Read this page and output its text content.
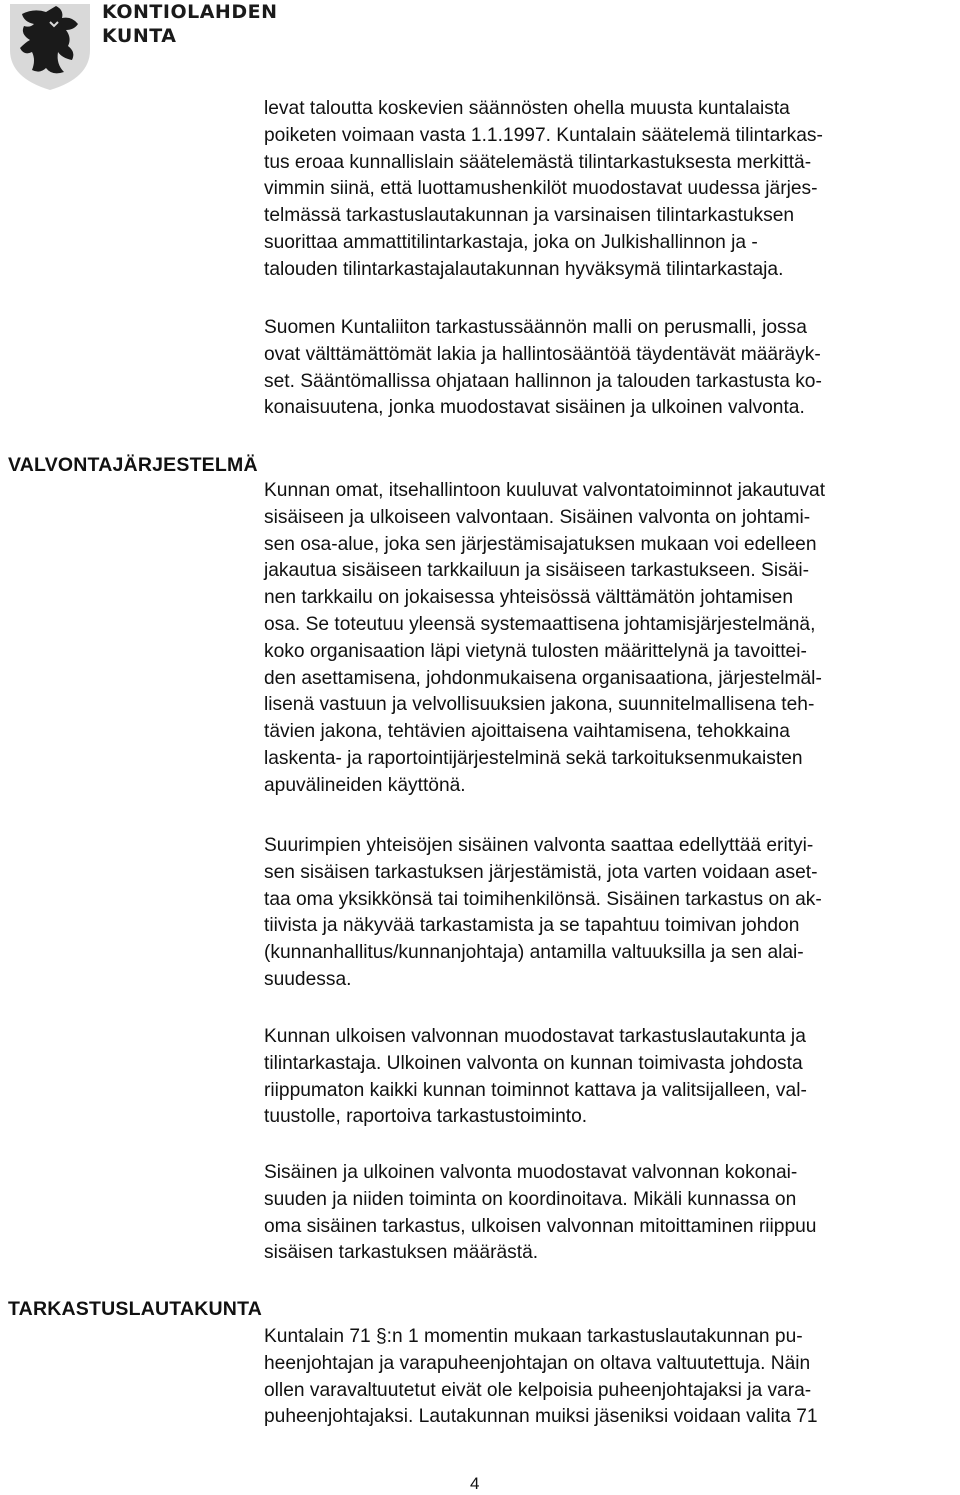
KONTIOLAHDEN
KUNTA

levat taloutta koskevien säännösten ohella muusta kuntalaista
poiketen voimaan vasta 1.1.1997. Kuntalain säätelemä tilintarkas-
tus eroaa kunnallislain säätelemästä tilintarkastuksesta merkittä-
vimmin siinä, että luottamushenkilöt muodostavat uudessa järjes-
telmässä tarkastuslautakunnan ja varsinaisen tilintarkastuksen
suorittaa ammattitilintarkastaja, joka on Julkishallinnon ja -
talouden tilintarkastajalautakunnan hyväksymä tilintarkastaja.

Suomen Kuntaliiton tarkastussäännön malli on perusmalli, jossa
ovat välttämättömät lakia ja hallintosääntöä täydentävät määräyk-
set. Sääntömallissa ohjataan hallinnon ja talouden tarkastusta ko-
konaisuutena, jonka muodostavat sisäinen ja ulkoinen valvonta.

VALVONTAJÄRJESTELMÄ

Kunnan omat, itsehallintoon kuuluvat valvontatoiminnot jakautuvat
sisäiseen ja ulkoiseen valvontaan. Sisäinen valvonta on johtami-
sen osa-alue, joka sen järjestämisajatuksen mukaan voi edelleen
jakautua sisäiseen tarkkailuun ja sisäiseen tarkastukseen. Sisäi-
nen tarkkailu on jokaisessa yhteisössä välttämätön johtamisen
osa. Se toteutuu yleensä systemaattisena johtamisjärjestelmänä,
koko organisaation läpi vietynä tulosten määrittelynä ja tavoittei-
den asettamisena, johdonmukaisena organisaationa, järjestelmäl-
lisenä vastuun ja velvollisuuksien jakona, suunnitelmallisena teh-
tävien jakona, tehtävien ajoittaisena vaihtamisena, tehokkaina
laskenta- ja raportointijärjestelminä sekä tarkoituksenmukaisten
apuvälineiden käyttönä.

Suurimpien yhteisöjen sisäinen valvonta saattaa edellyttää erityi-
sen sisäisen tarkastuksen järjestämistä, jota varten voidaan aset-
taa oma yksikkönsä tai toimihenkilönsä. Sisäinen tarkastus on ak-
tiivista ja näkyvää tarkastamista ja se tapahtuu toimivan johdon
(kunnanhallitus/kunnanjohtaja) antamilla valtuuksilla ja sen alai-
suudessa.

Kunnan ulkoisen valvonnan muodostavat tarkastuslautakunta ja
tilintarkastaja. Ulkoinen valvonta on kunnan toimivasta johdosta
riippumaton kaikki kunnan toiminnot kattava ja valitsijalleen, val-
tuustolle, raportoiva tarkastustoiminto.

Sisäinen ja ulkoinen valvonta muodostavat valvonnan kokonai-
suuden ja niiden toiminta on koordinoitava. Mikäli kunnassa on
oma sisäinen tarkastus, ulkoisen valvonnan mitoittaminen riippuu
sisäisen tarkastuksen määrästä.

TARKASTUSLAUTAKUNTA

Kuntalain 71 §:n 1 momentin mukaan tarkastuslautakunnan pu-
heenjohtajan ja varapuheenjohtajan on oltava valtuutettuja. Näin
ollen varavaltuutetut eivät ole kelpoisia puheenjohtajaksi ja vara-
puheenjohtajaksi. Lautakunnan muiksi jäseniksi voidaan valita 71

4
